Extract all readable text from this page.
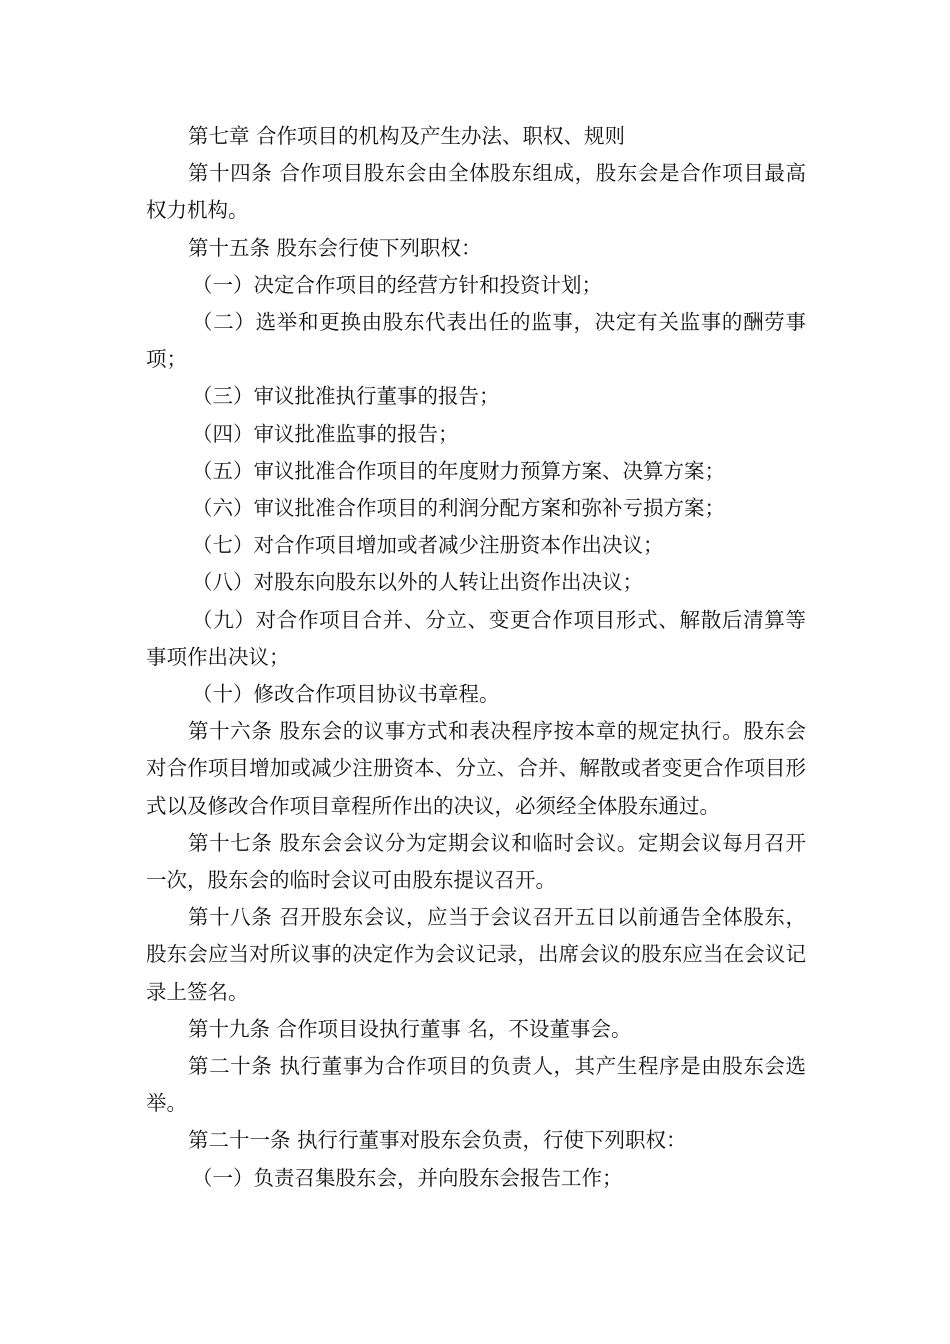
第七章 合作项目的机构及产生办法、职权、规则

第十四条 合作项目股东会由全体股东组成，股东会是合作项目最高权力机构。

第十五条 股东会行使下列职权：

（一）决定合作项目的经营方针和投资计划；

（二）选举和更换由股东代表出任的监事，决定有关监事的酬劳事项；

（三）审议批准执行董事的报告；

（四）审议批准监事的报告；

（五）审议批准合作项目的年度财力预算方案、决算方案；

（六）审议批准合作项目的利润分配方案和弥补亏损方案；

（七）对合作项目增加或者减少注册资本作出决议；

（八）对股东向股东以外的人转让出资作出决议；

（九）对合作项目合并、分立、变更合作项目形式、解散后清算等事项作出决议；

（十）修改合作项目协议书章程。

第十六条 股东会的议事方式和表决程序按本章的规定执行。股东会对合作项目增加或减少注册资本、分立、合并、解散或者变更合作项目形式以及修改合作项目章程所作出的决议，必须经全体股东通过。

第十七条 股东会会议分为定期会议和临时会议。定期会议每月召开一次，股东会的临时会议可由股东提议召开。

第十八条 召开股东会议，应当于会议召开五日以前通告全体股东，股东会应当对所议事的决定作为会议记录，出席会议的股东应当在会议记录上签名。

第十九条 合作项目设执行董事 名，不设董事会。

第二十条 执行董事为合作项目的负责人，其产生程序是由股东会选举。

第二十一条 执行行董事对股东会负责，行使下列职权：

（一）负责召集股东会，并向股东会报告工作；
